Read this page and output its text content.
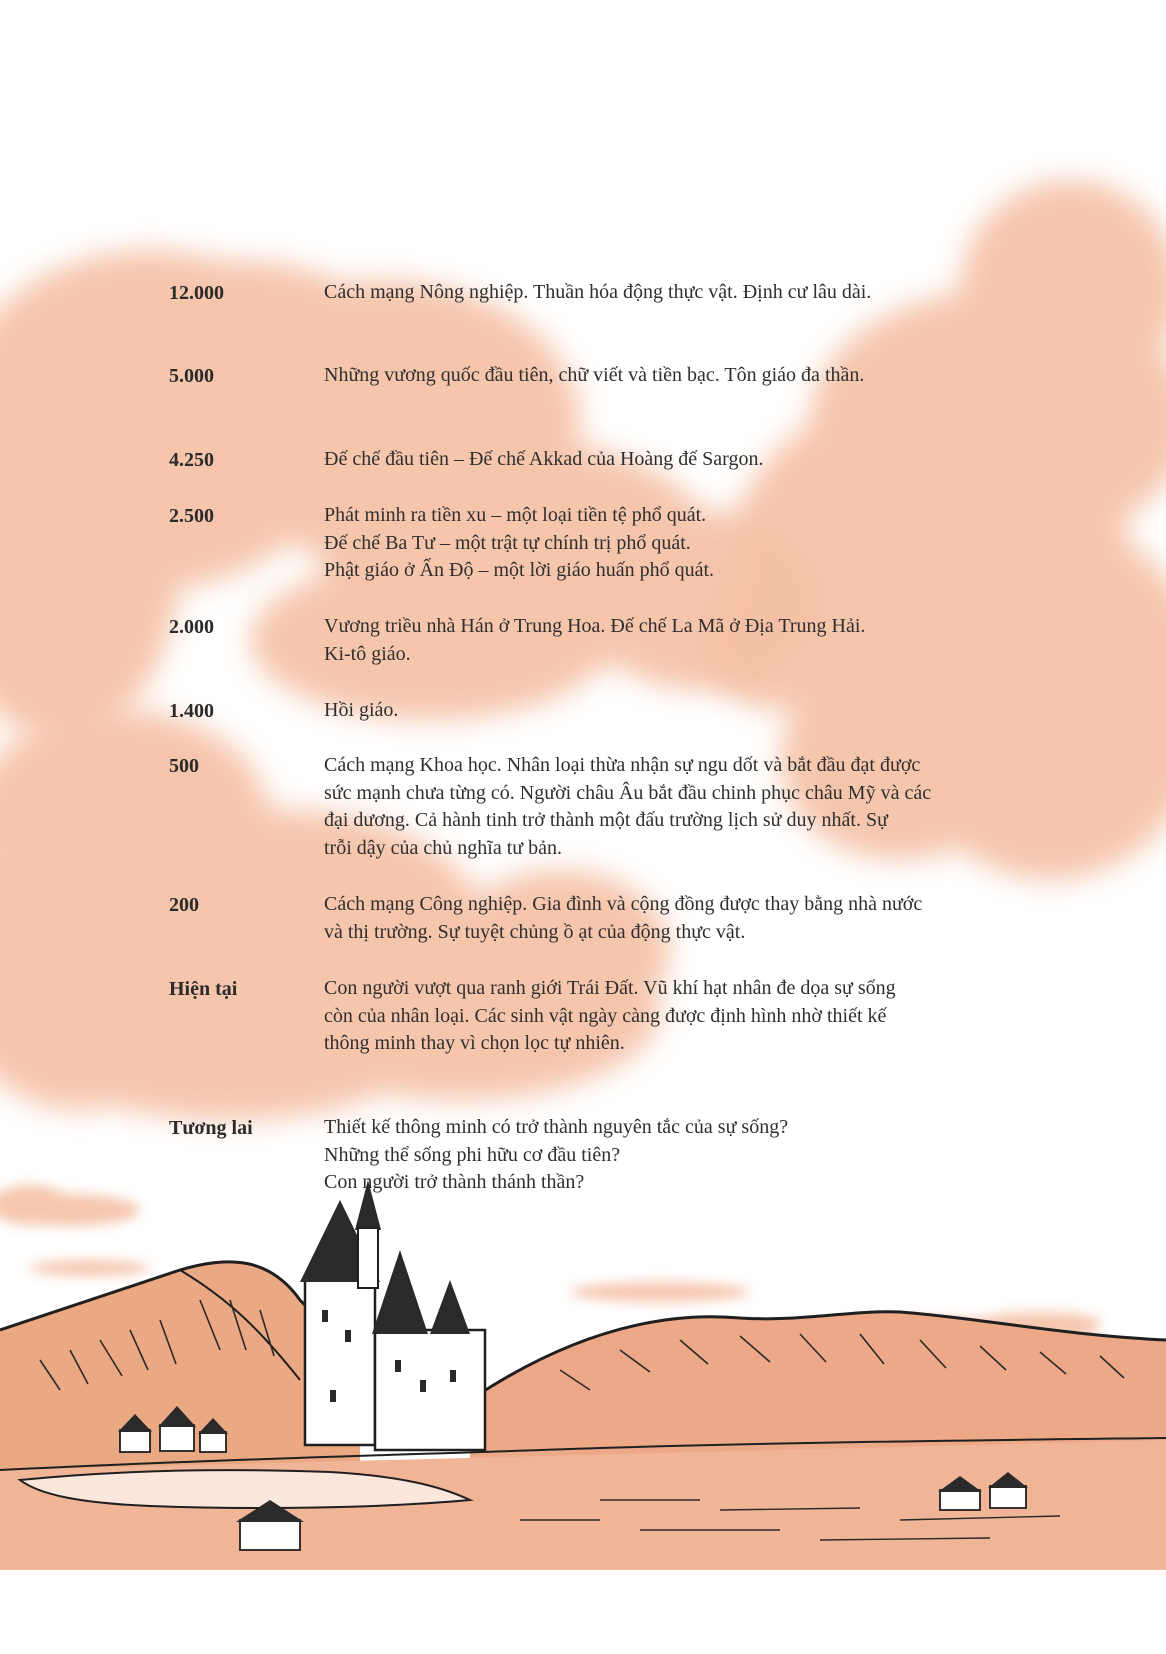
12.000	Cách mạng Nông nghiệp. Thuần hóa động thực vật. Định cư lâu dài.
5.000	Những vương quốc đầu tiên, chữ viết và tiền bạc. Tôn giáo đa thần.
4.250	Đế chế đầu tiên – Đế chế Akkad của Hoàng đế Sargon.
2.500	Phát minh ra tiền xu – một loại tiền tệ phổ quát.
Đế chế Ba Tư – một trật tự chính trị phổ quát.
Phật giáo ở Ấn Độ – một lời giáo huấn phổ quát.
2.000	Vương triều nhà Hán ở Trung Hoa. Đế chế La Mã ở Địa Trung Hải.
Ki-tô giáo.
1.400	Hồi giáo.
500	Cách mạng Khoa học. Nhân loại thừa nhận sự ngu dốt và bắt đầu đạt được
sức mạnh chưa từng có. Người châu Âu bắt đầu chinh phục châu Mỹ và các
đại dương. Cả hành tinh trở thành một đấu trường lịch sử duy nhất. Sự
trỗi dậy của chủ nghĩa tư bản.
200	Cách mạng Công nghiệp. Gia đình và cộng đồng được thay bằng nhà nước
và thị trường. Sự tuyệt chủng ồ ạt của động thực vật.
Hiện tại	Con người vượt qua ranh giới Trái Đất. Vũ khí hạt nhân đe dọa sự sống
còn của nhân loại. Các sinh vật ngày càng được định hình nhờ thiết kế
thông minh thay vì chọn lọc tự nhiên.
Tương lai	Thiết kế thông minh có trở thành nguyên tắc của sự sống?
Những thể sống phi hữu cơ đầu tiên?
Con người trở thành thánh thần?
